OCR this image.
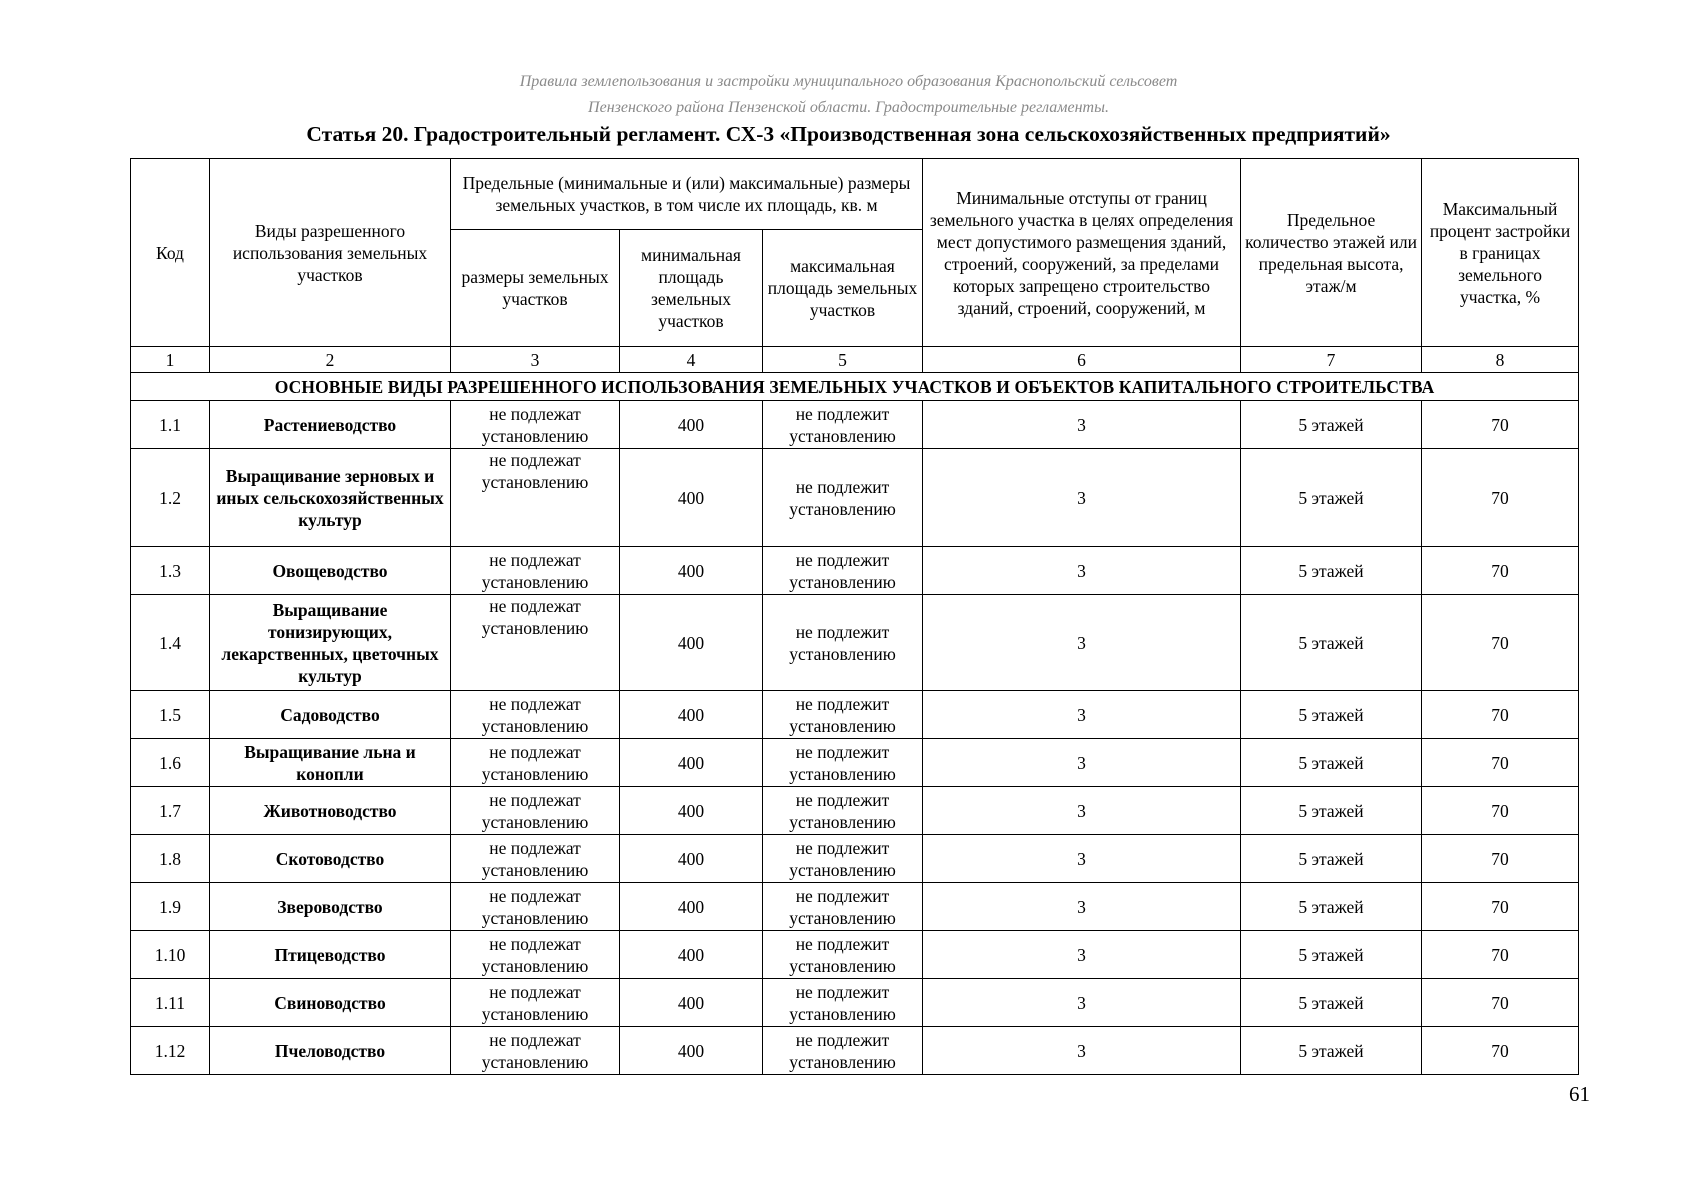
Правила землепользования и застройки муниципального образования Краснопольский сельсовет
Пензенского района Пензенской области. Градостроительные регламенты.
Статья 20. Градостроительный регламент. СХ-3 «Производственная зона сельскохозяйственных предприятий»
Код	Виды разрешенного использования земельных участков	Предельные (минимальные и (или) максимальные) размеры земельных участков, в том числе их площадь, кв. м			Минимальные отступы от границ земельного участка в целях определения мест допустимого размещения зданий, строений, сооружений, за пределами которых запрещено строительство зданий, строений, сооружений, м	Предельное количество этажей или предельная высота, этаж/м	Максимальный процент застройки в границах земельного участка, %
		размеры земельных участков	минимальная площадь земельных участков	максимальная площадь земельных участков			
1	2	3	4	5	6	7	8
ОСНОВНЫЕ ВИДЫ РАЗРЕШЕННОГО ИСПОЛЬЗОВАНИЯ ЗЕМЕЛЬНЫХ УЧАСТКОВ И ОБЪЕКТОВ КАПИТАЛЬНОГО СТРОИТЕЛЬСТВА							
1.1	Растениеводство	не подлежат установлению	400	не подлежит установлению	3	5 этажей	70
1.2	Выращивание зерновых и иных сельскохозяйственных культур	не подлежат установлению	400	не подлежит установлению	3	5 этажей	70
1.3	Овощеводство	не подлежат установлению	400	не подлежит установлению	3	5 этажей	70
1.4	Выращивание тонизирующих, лекарственных, цветочных культур	не подлежат установлению	400	не подлежит установлению	3	5 этажей	70
1.5	Садоводство	не подлежат установлению	400	не подлежит установлению	3	5 этажей	70
1.6	Выращивание льна и конопли	не подлежат установлению	400	не подлежит установлению	3	5 этажей	70
1.7	Животноводство	не подлежат установлению	400	не подлежит установлению	3	5 этажей	70
1.8	Скотоводство	не подлежат установлению	400	не подлежит установлению	3	5 этажей	70
1.9	Звероводство	не подлежат установлению	400	не подлежит установлению	3	5 этажей	70
1.10	Птицеводство	не подлежат установлению	400	не подлежит установлению	3	5 этажей	70
1.11	Свиноводство	не подлежат установлению	400	не подлежит установлению	3	5 этажей	70
1.12	Пчеловодство	не подлежат установлению	400	не подлежит установлению	3	5 этажей	70
61
